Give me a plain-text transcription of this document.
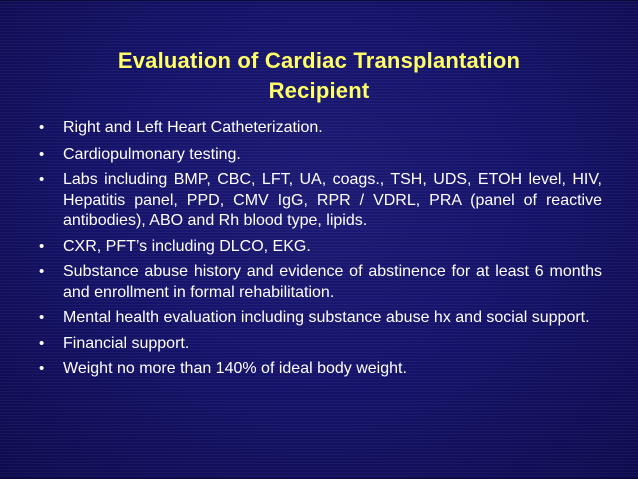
Evaluation of Cardiac Transplantation
Recipient
• Right and Left Heart Catheterization.
• Cardiopulmonary testing.
• Labs including BMP, CBC, LFT, UA, coags., TSH, UDS, ETOH level, HIV, Hepatitis panel, PPD, CMV IgG, RPR / VDRL, PRA (panel of reactive antibodies), ABO and Rh blood type, lipids.
• CXR, PFT’s including DLCO, EKG.
• Substance abuse history and evidence of abstinence for at least 6 months and enrollment in formal rehabilitation.
• Mental health evaluation including substance abuse hx and social support.
• Financial support.
• Weight no more than 140% of ideal body weight.
